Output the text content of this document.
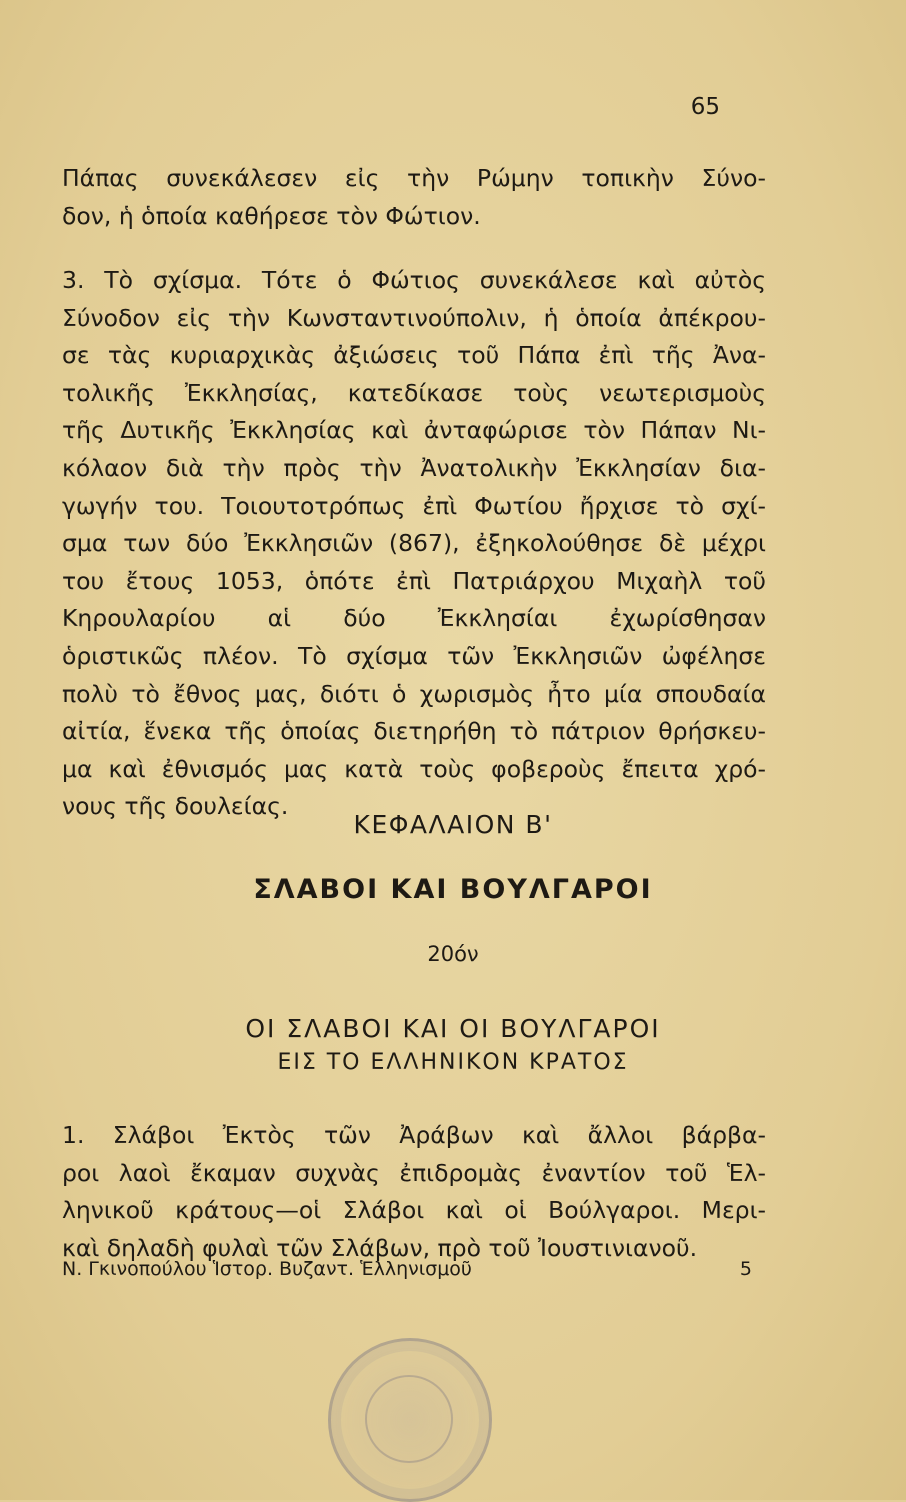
65
Πάπας συνεκάλεσεν εἰς τὴν Ρώμην τοπικὴν Σύνο-
δον, ἡ ὁποία καθήρεσε τὸν Φώτιον.
3. Τὸ σχίσμα. Τότε ὁ Φώτιος συνεκάλεσε καὶ αὐτὸς
Σύνοδον εἰς τὴν Κωνσταντινούπολιν, ἡ ὁποία ἀπέκρου-
σε τὰς κυριαρχικὰς ἀξιώσεις τοῦ Πάπα ἐπὶ τῆς Ἀνα-
τολικῆς Ἐκκλησίας, κατεδίκασε τοὺς νεωτερισμοὺς
τῆς Δυτικῆς Ἐκκλησίας καὶ ἀνταφώρισε τὸν Πάπαν Νι-
κόλαον διὰ τὴν πρὸς τὴν Ἀνατολικὴν Ἐκκλησίαν δια-
γωγήν του. Τοιουτοτρόπως ἐπὶ Φωτίου ἤρχισε τὸ σχί-
σμα των δύο Ἐκκλησιῶν (867), ἐξηκολούθησε δὲ μέχρι
του ἔτους 1053, ὁπότε ἐπὶ Πατριάρχου Μιχαὴλ τοῦ
Κηρουλαρίου αἱ δύο Ἐκκλησίαι ἐχωρίσθησαν
ὁριστικῶς πλέον. Τὸ σχίσμα τῶν Ἐκκλησιῶν ὠφέλησε
πολὺ τὸ ἔθνος μας, διότι ὁ χωρισμὸς ἦτο μία σπουδαία
αἰτία, ἕνεκα τῆς ὁποίας διετηρήθη τὸ πάτριον θρήσκευ-
μα καὶ ἐθνισμός μας κατὰ τοὺς φοβεροὺς ἔπειτα χρό-
νους τῆς δουλείας.
ΚΕΦΑΛΑΙΟΝ Β'
ΣΛΑΒΟΙ ΚΑΙ ΒΟΥΛΓΑΡΟΙ
20όν
ΟΙ ΣΛΑΒΟΙ ΚΑΙ ΟΙ ΒΟΥΛΓΑΡΟΙ
ΕΙΣ ΤΟ ΕΛΛΗΝΙΚΟΝ ΚΡΑΤΟΣ
1. Σλάβοι Ἐκτὸς τῶν Ἀράβων καὶ ἄλλοι βάρβα-
ροι λαοὶ ἔκαμαν συχνὰς ἐπιδρομὰς ἐναντίον τοῦ Ἑλ-
ληνικοῦ κράτους—οἱ Σλάβοι καὶ οἱ Βούλγαροι. Μερι-
καὶ δηλαδὴ φυλαὶ τῶν Σλάβων, πρὸ τοῦ Ἰουστινιανοῦ.
Ν. Γκινοπούλου Ἱστορ. Βυζαντ. Ἑλληνισμοῦ	5
